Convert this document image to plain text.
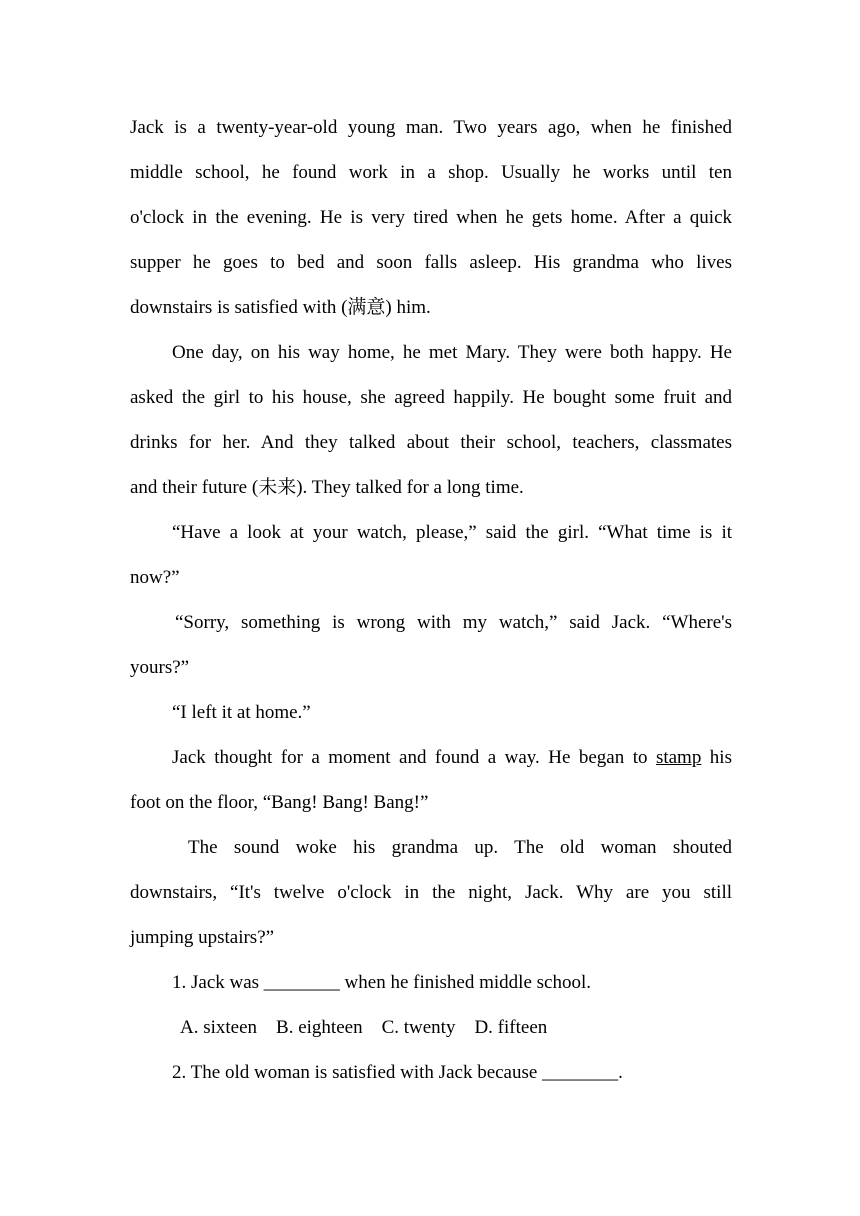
Jack is a twenty-year-old young man. Two years ago, when he finished
middle school, he found work in a shop. Usually he works until ten
o'clock in the evening. He is very tired when he gets home. After a quick
supper he goes to bed and soon falls asleep. His grandma who lives
downstairs is satisfied with (满意) him.
One day, on his way home, he met Mary. They were both happy. He
asked the girl to his house, she agreed happily. He bought some fruit and
drinks for her. And they talked about their school, teachers, classmates
and their future (未来). They talked for a long time.
“Have a look at your watch, please,” said the girl. “What time is it
now?”
“Sorry, something is wrong with my watch,” said Jack. “Where's
yours?”
“I left it at home.”
Jack thought for a moment and found a way. He began to stamp his
foot on the floor, “Bang! Bang! Bang!”
The sound woke his grandma up. The old woman shouted
downstairs, “It's twelve o'clock in the night, Jack. Why are you still
jumping upstairs?”
1. Jack was ________ when he finished middle school.
A. sixteen    B. eighteen    C. twenty    D. fifteen
2. The old woman is satisfied with Jack because ________.
